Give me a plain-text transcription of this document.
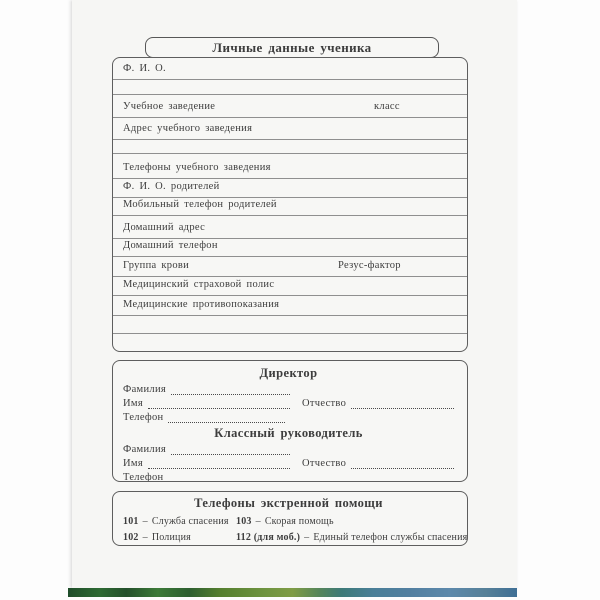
Личные данные ученика
Ф. И. О.
Учебное заведение	класс
Адрес учебного заведения
Телефоны учебного заведения
Ф. И. О. родителей
Мобильный телефон родителей
Домашний адрес
Домашний телефон
Группа крови	Резус-фактор
Медицинский страховой полис
Медицинские противопоказания
Директор
Фамилия
Имя	Отчество
Телефон
Классный руководитель
Фамилия
Имя	Отчество
Телефон
Телефоны экстренной помощи
101 – Служба спасения 103 – Скорая помощь
102 – Полиция	112 (для моб.) – Единый телефон службы спасения
